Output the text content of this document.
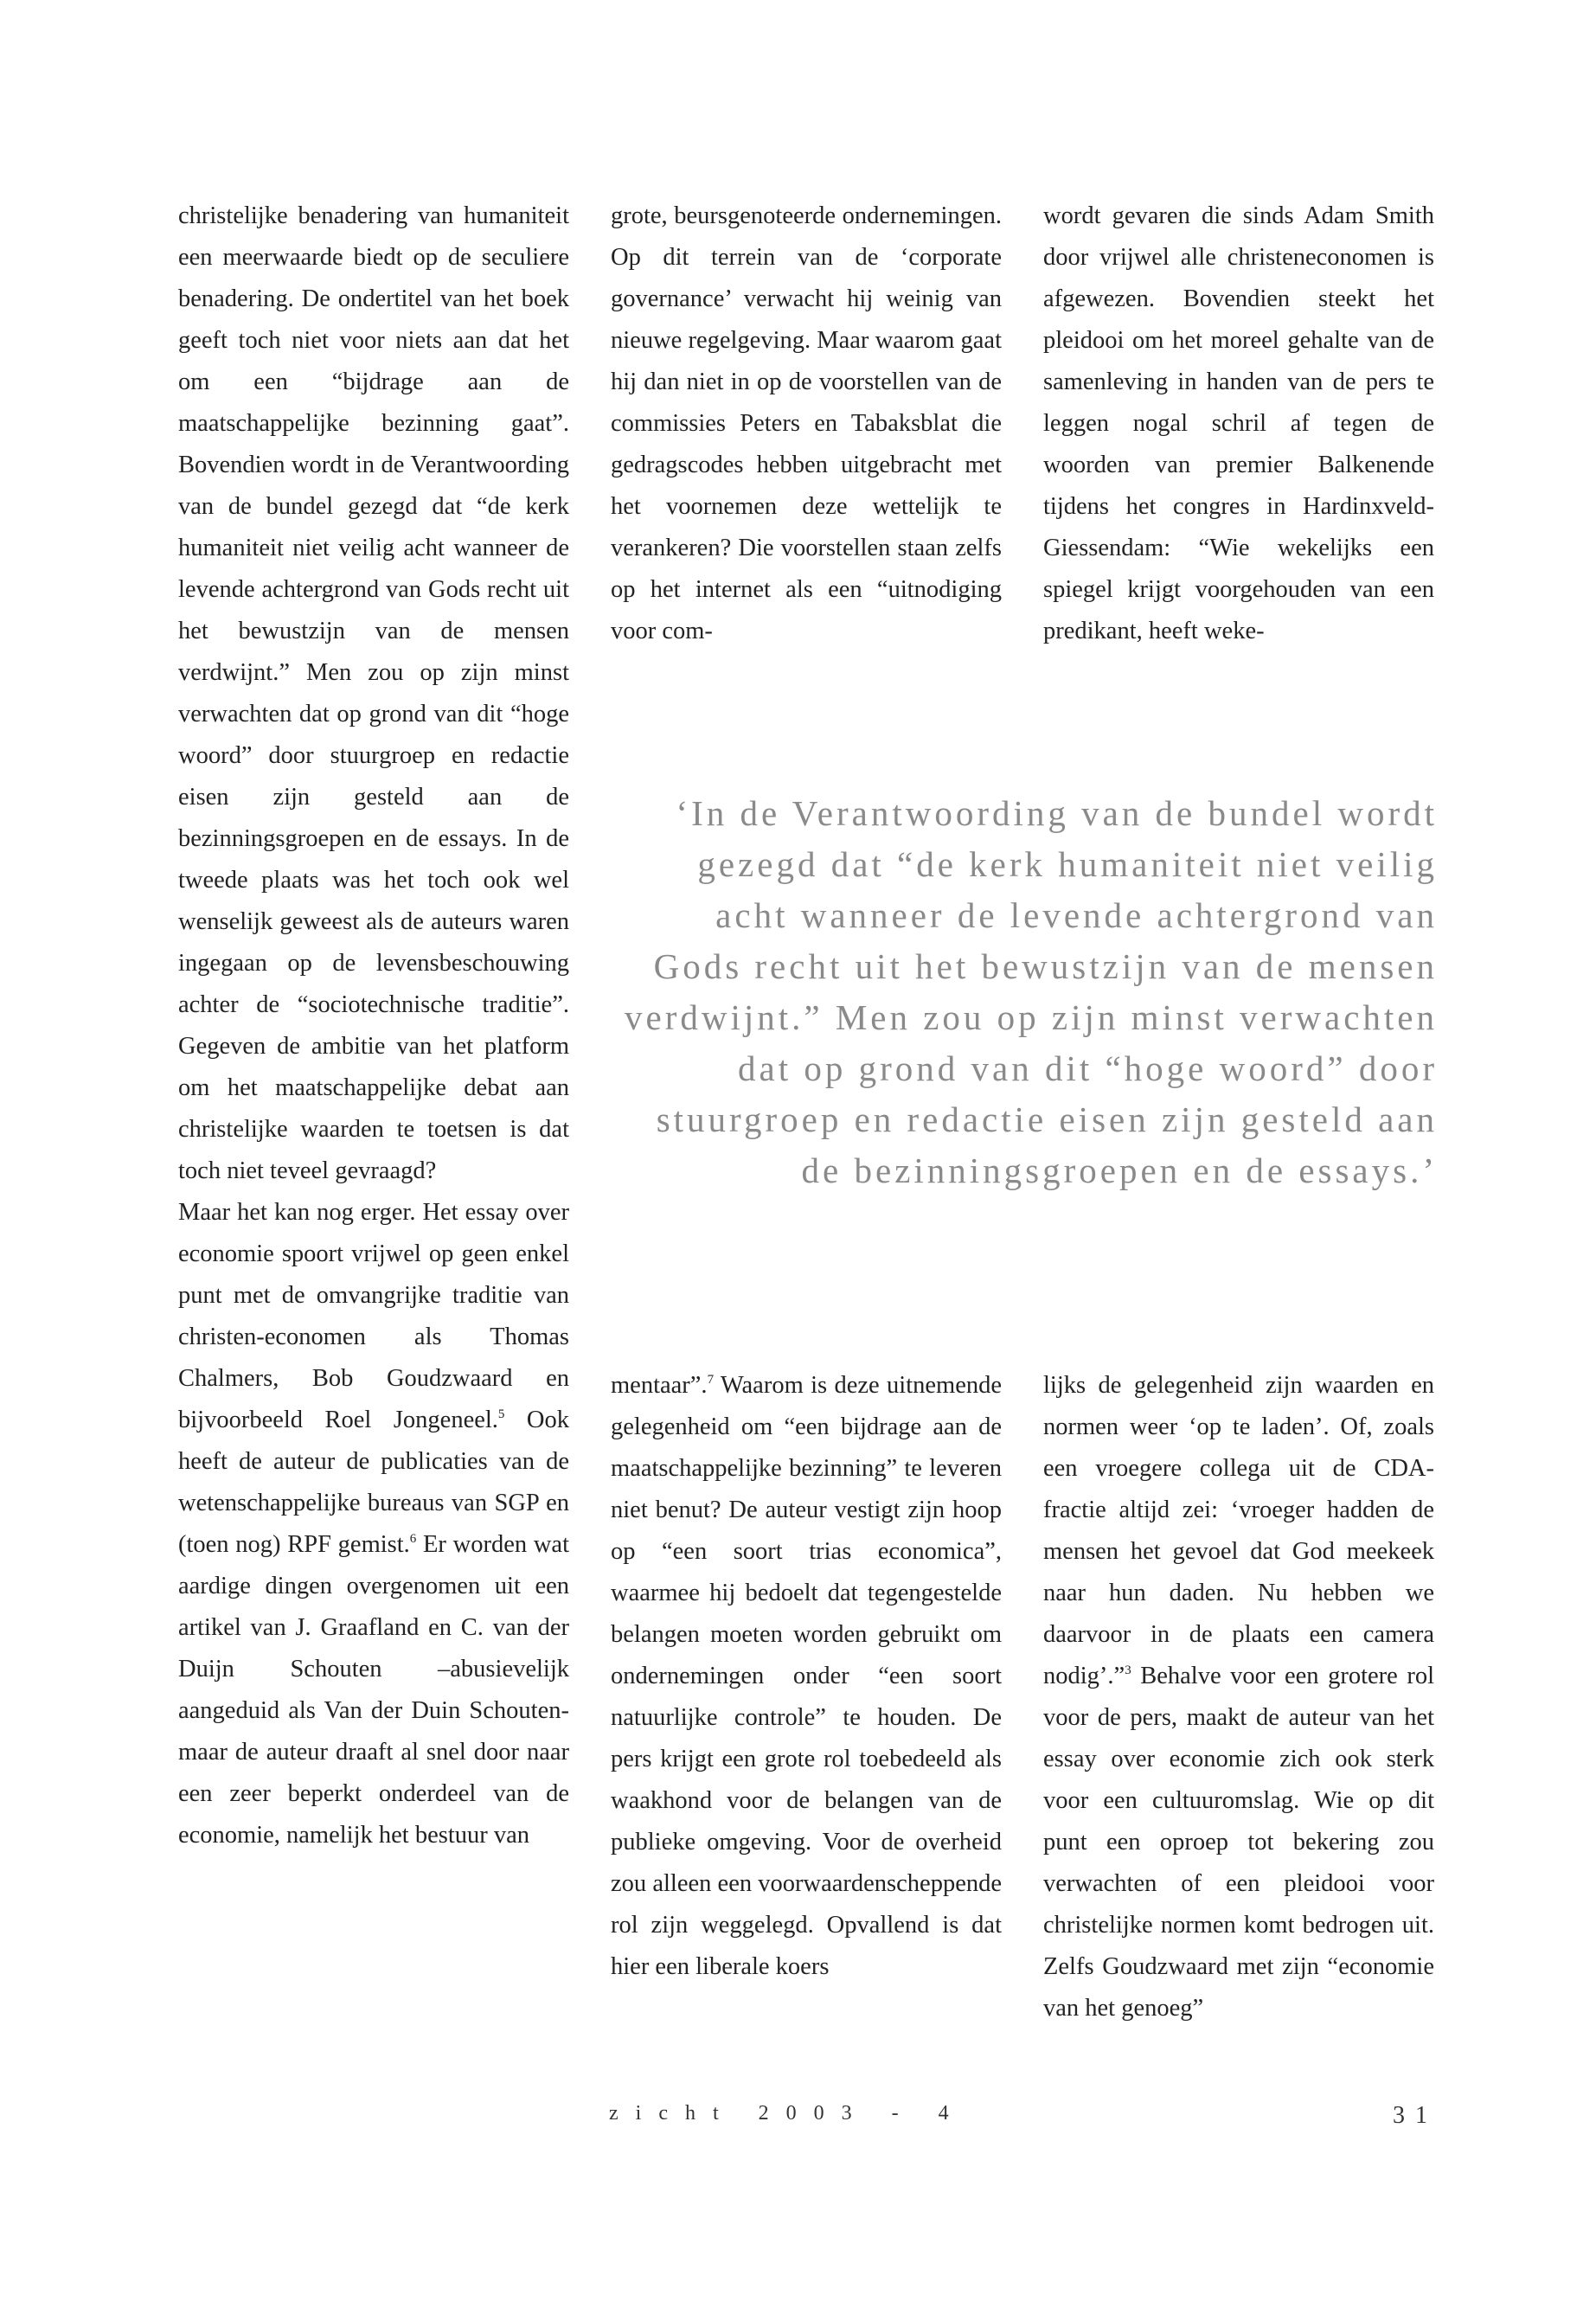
christelijke benadering van humaniteit een meerwaarde biedt op de seculiere benadering. De ondertitel van het boek geeft toch niet voor niets aan dat het om een “bijdrage aan de maatschappelijke bezinning gaat”. Bovendien wordt in de Verantwoording van de bundel gezegd dat “de kerk humaniteit niet veilig acht wanneer de levende achtergrond van Gods recht uit het bewustzijn van de mensen verdwijnt.” Men zou op zijn minst verwachten dat op grond van dit “hoge woord” door stuurgroep en redactie eisen zijn gesteld aan de bezinningsgroepen en de essays. In de tweede plaats was het toch ook wel wenselijk geweest als de auteurs waren ingegaan op de levensbeschouwing achter de “sociotechnische traditie”. Gegeven de ambitie van het platform om het maatschappelijke debat aan christelijke waarden te toetsen is dat toch niet teveel gevraagd?

Maar het kan nog erger. Het essay over economie spoort vrijwel op geen enkel punt met de omvangrijke traditie van christen-economen als Thomas Chalmers, Bob Goudzwaard en bijvoorbeeld Roel Jongeneel.$^5$ Ook heeft de auteur de publicaties van de wetenschappelijke bureaus van SGP en (toen nog) RPF gemist.$^6$ Er worden wat aardige dingen overgenomen uit een artikel van J. Graafland en C. van der Duijn Schouten –abusievelijk aangeduid als Van der Duin Schouten- maar de auteur draaft al snel door naar een zeer beperkt onderdeel van de economie, namelijk het bestuur van

grote, beursgenoteerde ondernemingen. Op dit terrein van de ‘corporate governance’ verwacht hij weinig van nieuwe regelgeving. Maar waarom gaat hij dan niet in op de voorstellen van de commissies Peters en Tabaksblat die gedragscodes hebben uitgebracht met het voornemen deze wettelijk te verankeren? Die voorstellen staan zelfs op het internet als een “uitnodiging voor com-

wordt gevaren die sinds Adam Smith door vrijwel alle christeneconomen is afgewezen. Bovendien steekt het pleidooi om het moreel gehalte van de samenleving in handen van de pers te leggen nogal schril af tegen de woorden van premier Balkenende tijdens het congres in Hardinxveld-Giessendam: “Wie wekelijks een spiegel krijgt voorgehouden van een predikant, heeft weke-

‘In de Verantwoording van de bundel wordt gezegd dat “de kerk humaniteit niet veilig acht wanneer de levende achtergrond van Gods recht uit het bewustzijn van de mensen verdwijnt.” Men zou op zijn minst verwachten dat op grond van dit “hoge woord” door stuurgroep en redactie eisen zijn gesteld aan de bezinningsgroepen en de essays.’

mentaar”.$^7$ Waarom is deze uitnemende gelegenheid om “een bijdrage aan de maatschappelijke bezinning” te leveren niet benut? De auteur vestigt zijn hoop op “een soort trias economica”, waarmee hij bedoelt dat tegengestelde belangen moeten worden gebruikt om ondernemingen onder “een soort natuurlijke controle” te houden. De pers krijgt een grote rol toebedeeld als waakhond voor de belangen van de publieke omgeving. Voor de overheid zou alleen een voorwaardenscheppende rol zijn weggelegd. Opvallend is dat hier een liberale koers

lijks de gelegenheid zijn waarden en normen weer ‘op te laden’. Of, zoals een vroegere collega uit de CDA-fractie altijd zei: ‘vroeger hadden de mensen het gevoel dat God meekeek naar hun daden. Nu hebben we daarvoor in de plaats een camera nodig’.”$^3$ Behalve voor een grotere rol voor de pers, maakt de auteur van het essay over economie zich ook sterk voor een cultuuromslag. Wie op dit punt een oproep tot bekering zou verwachten of een pleidooi voor christelijke normen komt bedrogen uit. Zelfs Goudzwaard met zijn “economie van het genoeg”

zicht 2003 - 4	31
